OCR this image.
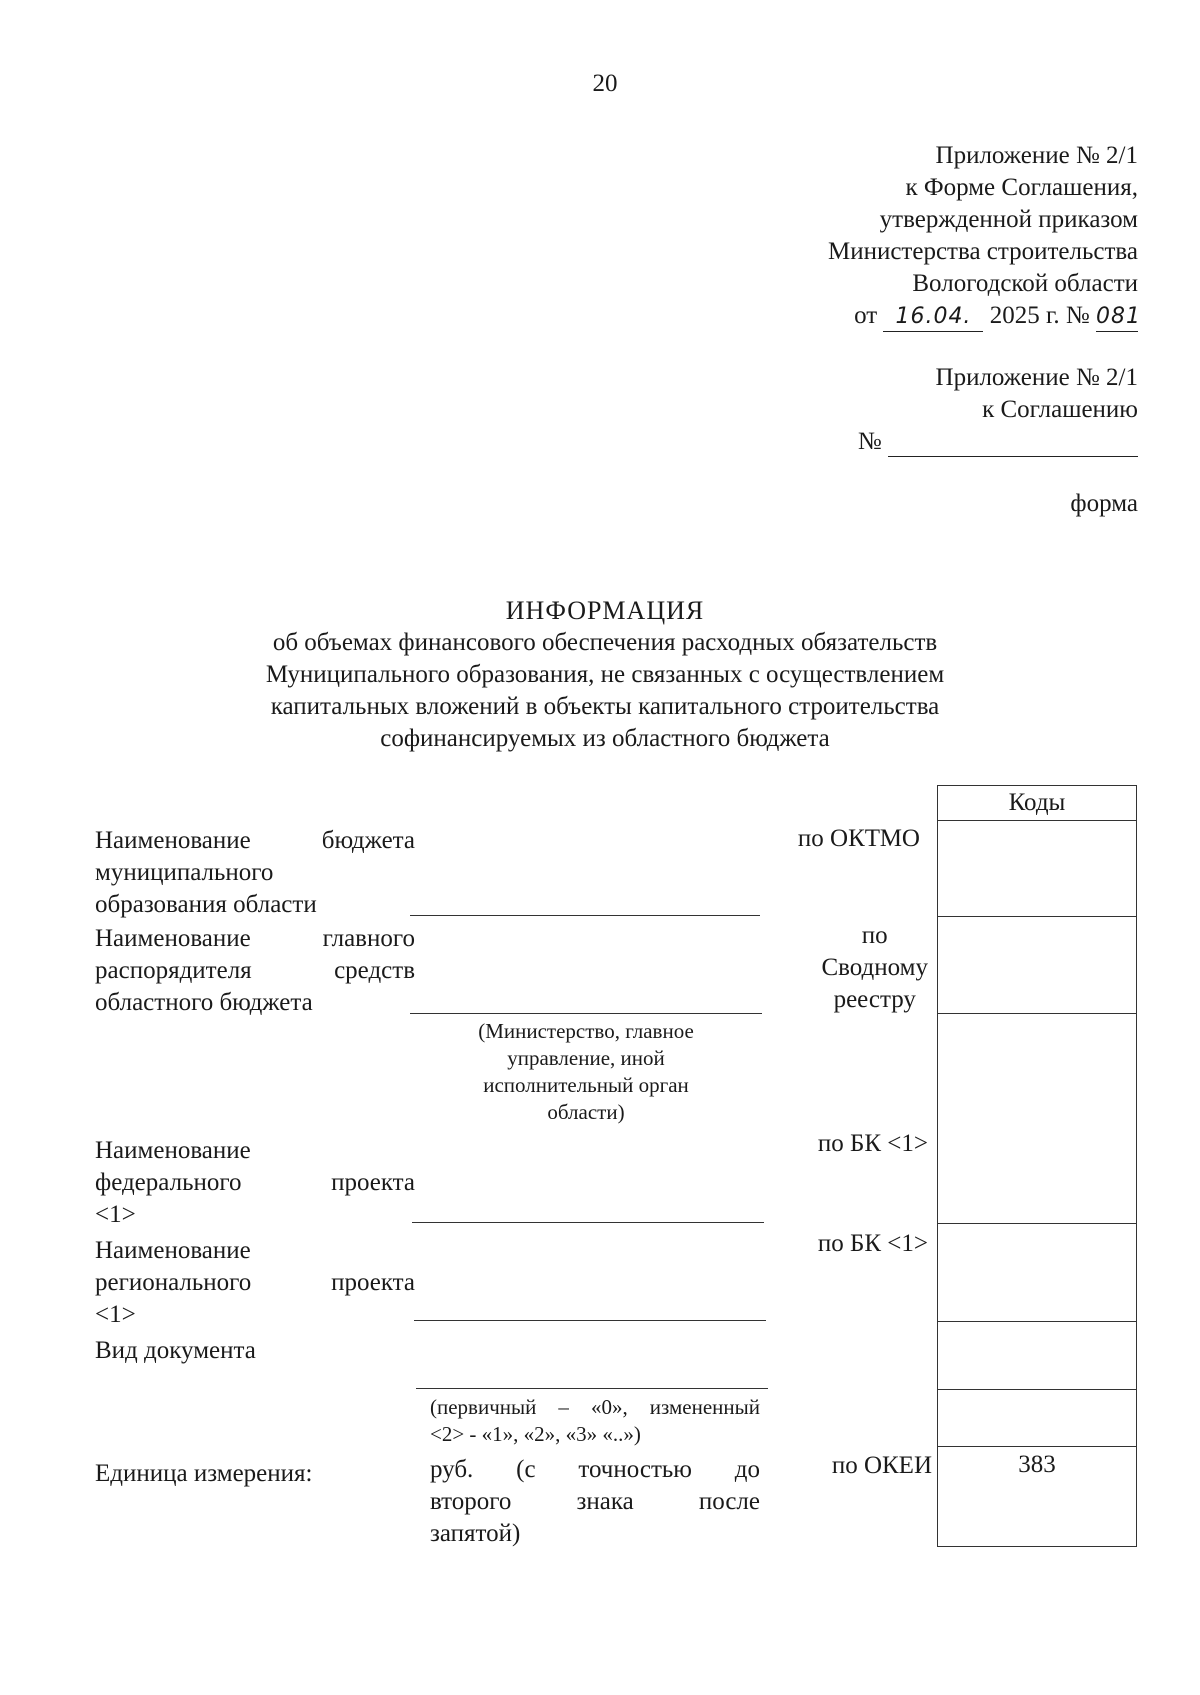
20
Приложение № 2/1
к Форме Соглашения,
утвержденной приказом
Министерства строительства
Вологодской области
от 16.04. 2025 г. № 081
Приложение № 2/1
к Соглашению
№
форма
ИНФОРМАЦИЯ
об объемах финансового обеспечения расходных обязательств
Муниципального образования, не связанных с осуществлением
капитальных вложений в объекты капитального строительства
софинансируемых из областного бюджета
Наименование бюджета
муниципального
образования области
Наименование главного
распорядителя средств
областного бюджета
(Министерство, главное
управление, иной
исполнительный орган
области)
Наименование
федерального проекта
<1>
Наименование
регионального проекта
<1>
Вид документа
(первичный – «0», измененный
<2> - «1», «2», «3» «..»)
Единица измерения:	руб. (с точностью до
второго знака после
запятой)
по ОКТМО
по
Сводному
реестру
по БК <1>
по БК <1>
по ОКЕИ
Коды
383
